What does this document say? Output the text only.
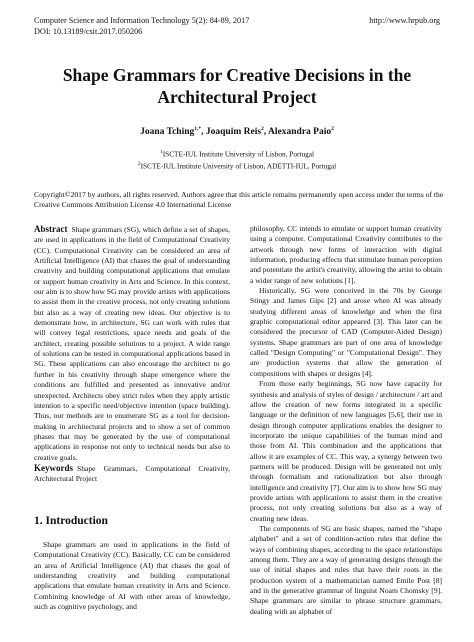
Computer Science and Information Technology 5(2): 84-89, 2017
DOI: 10.13189/csit.2017.050206
http://www.hrpub.org
Shape Grammars for Creative Decisions in the
Architectural Project
Joana Tching$^{1,*}$, Joaquim Reis$^2$, Alexandra Paio$^2$
$^1$ISCTE-IUL Institute University of Lisbon, Portugal
$^2$ISCTE-IUL Institute University of Lisbon, ADETTI-IUL, Portugal
Copyright©2017 by authors, all rights reserved. Authors agree that this article remains permanently open access under the terms of the Creative Commons Attribution License 4.0 International License

Abstract Shape grammars (SG), which define a set of shapes, are used in applications in the field of Computational Creativity (CC). Computational Creativity can be considered an area of Artificial Intelligence (AI) that chases the goal of understanding creativity and building computational applications that emulate or support human creativity in Arts and Science. In this context, our aim is to show how SG may provide artists with applications to assist them in the creative process, not only creating solutions but also as a way of creating new ideas. Our objective is to demonstrate how, in architecture, SG can work with rules that will convey legal restrictions, space needs and goals of the architect, creating possible solutions to a project. A wide range of solutions can be tested in computational applications based in SG. These applications can also encourage the architect to go further in his creativity through shape emergence where the conditions are fulfilled and presented as innovative and/or unexpected. Architects obey strict rules when they apply artistic intention to a specific need/objective intention (space building). Thus, our methods are to enumerate SG as a tool for decision-making in architectural projects and to show a set of common phases that may be generated by the use of computational applications in response not only to technical needs but also to creative goals.

Keywords Shape Grammars, Computational Creativity, Architectural Project

1. Introduction

Shape grammars are used in applications in the field of Computational Creativity (CC). Basically, CC can be considered an area of Artificial Intelligence (AI) that chases the goal of understanding creativity and building computational applications that emulate human creativity in Arts and Science. Combining knowledge of AI with other areas of knowledge, such as cognitive psychology, and

philosophy, CC intends to emulate or support human creativity using a computer. Computational Creativity contributes to the artwork through new forms of interaction with digital information, producing effects that stimulate human perception and potentiate the artist's creativity, allowing the artist to obtain a wider range of new solutions [1].

Historically, SG were conceived in the 70s by George Stingy and James Gips [2] and arose when AI was already studying different areas of knowledge and when the first graphic computational editor appeared [3]. This later can be considered the precursor of CAD (Computer-Aided Design) systems. Shape grammars are part of one area of knowledge called "Design Computing" or "Computational Design". They are production systems that allow the generation of compositions with shapes or designs [4].

From those early beginnings, SG now have capacity for synthesis and analysis of styles of design / architecture / art and allow the creation of new forms integrated in a specific language or the definition of new languages [5,6], their use in design through computer applications enables the designer to incorporate the unique capabilities of the human mind and those from AI. This combination and the applications that allow it are examples of CC. This way, a synergy between two partners will be produced. Design will be generated not only through formalism and rationalization but also through intelligence and creativity [7]. Our aim is to show how SG may provide artists with applications to assist them in the creative process, not only creating solutions but also as a way of creating new ideas.

The components of SG are basic shapes, named the "shape alphabet" and a set of condition-action rules that define the ways of combining shapes, according to the space relationships among them. They are a way of generating designs through the use of initial shapes and rules that have their roots in the production system of a mathematician named Emile Post [8] and in the generative grammar of linguist Noam Chomsky [9]. Shape grammars are similar to phrase structure grammars, dealing with an alphabet of
